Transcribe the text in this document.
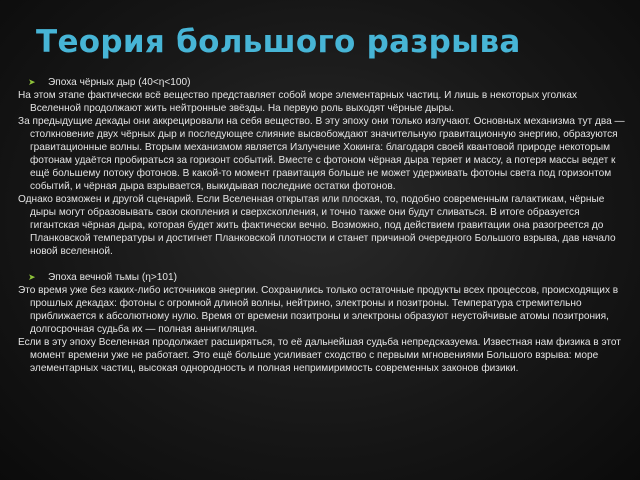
Теория большого разрыва

➤ Эпоха чёрных дыр (40<η<100)

На этом этапе фактически всё вещество представляет собой море элементарных частиц. И лишь в некоторых уголках Вселенной продолжают жить нейтронные звёзды. На первую роль выходят чёрные дыры.

За предыдущие декады они аккрецировали на себя вещество. В эту эпоху они только излучают. Основных механизма тут два — столкновение двух чёрных дыр и последующее слияние высвобождают значительную гравитационную энергию, образуются гравитационные волны. Вторым механизмом является Излучение Хокинга: благодаря своей квантовой природе некоторым фотонам удаётся пробираться за горизонт событий. Вместе с фотоном чёрная дыра теряет и массу, а потеря массы ведет к ещё большему потоку фотонов. В какой-то момент гравитация больше не может удерживать фотоны света под горизонтом событий, и чёрная дыра взрывается, выкидывая последние остатки фотонов.

Однако возможен и другой сценарий. Если Вселенная открытая или плоская, то, подобно современным галактикам, чёрные дыры могут образовывать свои скопления и сверхскопления, и точно также они будут сливаться. В итоге образуется гигантская чёрная дыра, которая будет жить фактически вечно. Возможно, под действием гравитации она разогреется до Планковской температуры и достигнет Планковской плотности и станет причиной очередного Большого взрыва, дав начало новой вселенной.

➤ Эпоха вечной тьмы (η>101)

Это время уже без каких-либо источников энергии. Сохранились только остаточные продукты всех процессов, происходящих в прошлых декадах: фотоны с огромной длиной волны, нейтрино, электроны и позитроны. Температура стремительно приближается к абсолютному нулю. Время от времени позитроны и электроны образуют неустойчивые атомы позитрония, долгосрочная судьба их — полная аннигиляция.

Если в эту эпоху Вселенная продолжает расширяться, то её дальнейшая судьба непредсказуема. Известная нам физика в этот момент времени уже не работает. Это ещё больше усиливает сходство с первыми мгновениями Большого взрыва: море элементарных частиц, высокая однородность и полная непримиримость современных законов физики.
